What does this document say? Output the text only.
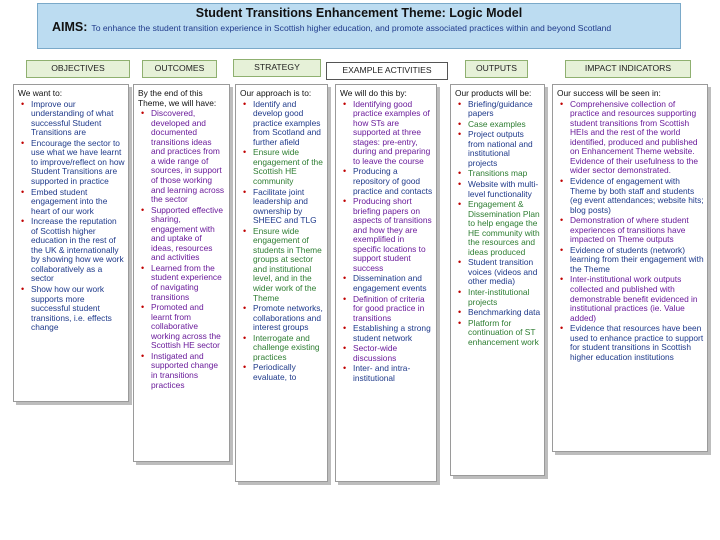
Student Transitions Enhancement Theme: Logic Model
AIMS: To enhance the student transition experience in Scottish higher education, and promote associated practices within and beyond Scotland
OBJECTIVES	OUTCOMES	STRATEGY	EXAMPLE ACTIVITIES	OUTPUTS	IMPACT INDICATORS
We want to:
• Improve our understanding of what successful Student Transitions are
• Encourage the sector to use what we have learnt to improve/reflect on how Student Transitions are supported in practice
• Embed student engagement into the heart of our work
• Increase the reputation of Scottish higher education in the rest of the UK & internationally by showing how we work collaboratively as a sector
• Show how our work supports more successful student transitions, i.e. effects change
By the end of this Theme, we will have:
• Discovered, developed and documented transitions ideas and practices from a wide range of sources, in support of those working and learning across the sector
• Supported effective sharing, engagement with and uptake of ideas, resources and activities
• Learned from the student experience of navigating transitions
• Promoted and learnt from collaborative working across the Scottish HE sector
• Instigated and supported change in transitions practices
Our approach is to:
• Identify and develop good practice examples from Scotland and further afield
• Ensure wide engagement of the Scottish HE community
• Facilitate joint leadership and ownership by SHEEC and TLG
• Ensure wide engagement of students in Theme groups at sector and institutional level, and in the wider work of the Theme
• Promote networks, collaborations and interest groups
• Interrogate and challenge existing practices
• Periodically evaluate, to
We will do this by:
• Identifying good practice examples of how STs are supported at three stages: pre-entry, during and preparing to leave the course
• Producing a repository of good practice and contacts
• Producing short briefing papers on aspects of transitions and how they are exemplified in specific locations to support student success
• Dissemination and engagement events
• Definition of criteria for good practice in transitions
• Establishing a strong student network
• Sector-wide discussions
• Inter- and intra-institutional
Our products will be:
• Briefing/guidance papers
• Case examples
• Project outputs from national and institutional projects
• Transitions map
• Website with multi-level functionality
• Engagement & Dissemination Plan to help engage the HE community with the resources and ideas produced
• Student transition voices (videos and other media)
• Inter-institutional projects
• Benchmarking data
• Platform for continuation of ST enhancement work
Our success will be seen in:
• Comprehensive collection of practice and resources supporting student transitions from Scottish HEIs and the rest of the world identified, produced and published on Enhancement Theme website. Evidence of their usefulness to the wider sector demonstrated.
• Evidence of engagement with Theme by both staff and students (eg event attendances; website hits; blog posts)
• Demonstration of where student experiences of transitions have impacted on Theme outputs
• Evidence of students (network) learning from their engagement with the Theme
• Inter-institutional work outputs collected and published with demonstrable benefit evidenced in institutional practices (ie. Value added)
• Evidence that resources have been used to enhance practice to support for student transitions in Scottish higher education institutions
